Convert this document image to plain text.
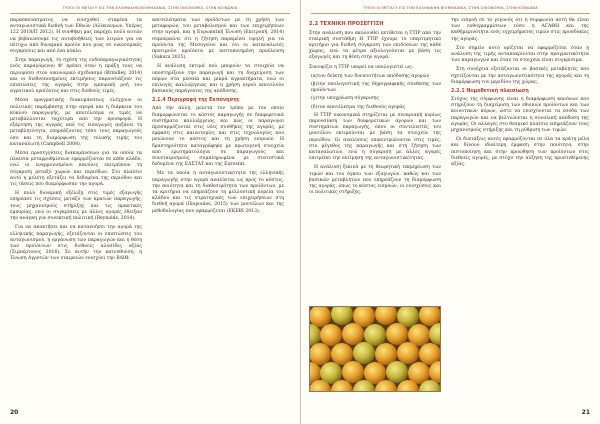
ΤΥΠΟΙ ΟΙ ΜΕΤΑΞΥ ΕΙΣ ΤΗΝ ΕΛΛΗΝΙΚΗΝ ΒΙΟΜΗΧΑΝΙΑ, ΣΤΗΝ ΟΙΚΟΝΟΜΙΑ, ΣΤΗΝ ΚΟΙΝΩΝΙΑ

παρασκευάσματος να ενισχυθεί σταρένα τα ανταγωνιστικά διεθνή των Εθνών (Αλίκιανμων, Υπέρος 122 2018/Π 2012). Η συνθήκη μας παρέχει πολύ αυτών να βεβαιώσουμε τις αυτοβοήθειες των λιτρών για να πέτυχω από δυναμικό προϊόν που μιας σε οικονομικές συγκρίσεις και από ένα κύκλο.

Στην παραγωγή, τη σχέση της ενδοπαραγωγικότητας ενός παραγόμενου Φ' πρέπει όταν η πράξη τους να περιορίσει στον οικονομικό σχεδιασμό (Brindley, 2014) και οι διεθνοποιημένες εκτιμήσεις παρουσιάζουν τις επιπτώσεις της αγοράς στην εμπορική ροή του αγροτικού προϊόντος και στις διεθνείς τιμές.

Μέσα πραγματικής διακυμάνσεως ελέγχουν οι πολιτικές παρέμβασης στην αγορά και η διάρκεια του κύκλου παραγωγής, με αποτέλεσμα οι τιμές να μεταβάλλονται ταχύτερα από την προσφορά. Η εξάρτηση της αγοράς από τις εισαγωγές αυξάνει τη μεταβλητότητα, επηρεάζοντας τόσο τους παραγωγούς όσο και τη διαμόρφωση της τελικής τιμής του καταναλωτή (Campbell 2008).

Μέσα προσεγγίσεις διακυμάνσεων για τα οποία τα πλαίσια μεταρρυθμίσεων εφαρμόζονται σε κάθε κλάδο, ενώ οι εναρμονισμένοι κανόνες επιτρέπουν τη σύγκριση μεταξύ χωρών και περιόδων. Στο πλαίσιο αυτό η μελέτη εξετάζει τα δεδομένα της περιόδου και τις τάσεις που διαμόρφωσαν την αγορά.

Η πολύ δυναμική εξέλιξη στις τιμές εξαγωγής επηρέασε τις σχέσεις μεταξύ των κρατών παραγωγής, τους μηχανισμούς στήριξης και τις πρακτικές εμπορίας, ενώ οι συγκρίσεις με άλλες αγορές έδειξαν την ανάγκη για συνεκτική πολιτική (Reynolds, 2014).

Για να αποκτήσει και να κατανοήσει την αγορά της ελληνικής παραγωγής, εξετάζονται οι επιπτώσεις του ανταγωνισμού, η οργάνωση των παραγωγών και η θέση των προϊόντων στις διεθνείς αλυσίδες αξίας (Σιμπέρτονος 2016). Σε αυτήν την κατεύθυνση, η Ένωση Αγροτών των εταιρειών ενισχύει την ΒΑΙΘ.

αποτελέσματα των προϊόντων με τη χρήση των μεταφορών, του μεταβολισμού και των επιχειρήσεων στην αγορά, και η Ευρωπαϊκή Ένωση (Επιτροπή, 2014) συμπεραίνει ότι η ζήτηση παραμένει υψηλή για τα προϊόντα της Μεσογείου και ότι οι καταναλωτές προτιμούν προϊόντα με πιστοποιημένη προέλευση (Sakura 2015).

Η ανάλυση εκτιμά πού μπορούν τα στοιχεία να υποστηρίξουν την παραγωγή και τη διαχείριση των πόρων στα μεσαία και μικρά αγροκτήματα, ενώ οι επιλογές καλλιέργειας και η χρήση νερού αποτελούν βασικούς παράγοντες της απόδοσης.

2.1.4 Περιγραφή της Εκπόνησης

Από την άλλη, μελετά τον τρόπο με τον οποίο διαμορφώνεται το κόστος παραγωγής σε διαφορετικά συστήματα καλλιέργειας και πώς οι παραγωγοί προσαρμόζονται στις νέες συνθήκες της αγοράς, με έμφαση στις καινοτομίες και στις τεχνολογίες που μειώνουν το κόστος και τη χρήση εισροών. Η δραστηριότητα καταγράφηκε με πρωτογενή στοιχεία από ερωτηματολόγια σε παραγωγούς και συνεταιρισμούς, συμπληρωμένα με στατιστικά δεδομένα της ΕΛΣΤΑΤ και της Eurostat.

Με τα οποία η ανταγωνιστικότητα της ελληνικής παραγωγής στην αγορά αναλύεται ως προς το κόστος, την ποιότητα και τη διαθεσιμότητα των προϊόντων, με τα κριτήρια να επηρεάζουν τη μελλοντική πορεία του κλάδου και τις στρατηγικές των επιχειρήσεων στη διεθνή αγορά (Iliopoulos, 2015) των μοντέλων και της μεθοδολογίας που εφαρμόζεται (ΕΚΕΒΙ 2013).

20
ΤΥΠΟΙ ΟΙ ΜΕΤΑΞΥ ΕΙΣ ΤΗΝ ΕΛΛΗΝΙΚΗΝ ΒΙΟΜΗΧΑΝΙΑ, ΣΤΗΝ ΟΙΚΟΝΟΜΙΑ, ΣΤΗΝ ΚΟΙΝΩΝΙΑ
2.2 ΤΕΧΝΙΚΗ ΠΡΟΣΕΓΓΙΣΗ

Στην ανάλυση που ακολουθεί εκτίθεται η ΤΤΙΡ από την εταιρική συστάθμη Η ΤΤΙΡ έχουμε το υπερτιμητικό κριτήριο για διεθνή σύγκριση των επιδόσεων της κάθε χώρας, ενώ τα μέτρα αξιολογούνται με βάση τις εξαγωγές και τη θέση στην αγορά.

Συνοψίζει η ΤΤΙΡ υπορεί να υπολογιστεί ως:

(α)τον δείκτη των δυνατοτήτων απόδοσης αγορών
(β)την υπολογιστική της δημογραφικής σύνθεσης των προϊόντων
(γ)την υποχρέωση σύγκρισης
(δ)τον αποτέλεσμα της διεθνούς αγοράς

Η ΤΤΙΡ οικονομικά στηρίζεται με σεναριακή κυρίως παρουσίαση των διαφορετικών αγορών και των συστημάτων παραγωγής, όπου οι συντελεστές του μοντέλου εκτιμούνται με βάση τα στοιχεία της περιόδου. Οι αναλύσεις επικεντρώνονται στις τιμές, στο μέγεθος της παραγωγής και στη ζήτηση των καταναλωτών, ενώ η σύγκριση με άλλες αγορές επιτρέπει την εκτίμηση της ανταγωνιστικότητας.

Η ανάλυση ξεκινά με τη θεωρητική τεκμηρίωση των τιμών και του όγκου των εξαγωγών, καθώς και των βασικών μεταβλητών που επηρεάζουν τη διαμόρφωση της αγοράς, όπως το κόστος εισροών, οι ενισχύσεις και οι πολιτικές στήριξης.

την εισροή σε το γεγονός ότι η συμφωνία αυτή θα είναι των ευθυγραμμίσεων τόσο η ΑΓΑΘΗ και της καθήμερινότητα ενός εγχειρήματος τιμών στις προσδοκίες της αγοράς.

Στο σημείο αυτό ορίζεται να εφαρμόζεται όταν η ανάλυση της τιμής ανταποκρίνεται στην πραγματικότητα των παραγωγών και όταν τα στοιχεία είναι συγκρίσιμα.

Στη συνέχεια εξετάζονται οι βασικές μεταβλητές που σχετίζονται με την ανταγωνιστικότητα της αγοράς και τη διαμόρφωση του μεριδίου της χώρας.

2.2.1 Νομοθετική πλαισίωση

Στόχος της σύμφωνης είναι η διαμόρφωση κανόνων που στηρίζουν τη διαχείριση των εθνικών προϊόντων και των κοινοτικών πόρων, ώστε να ενισχύονται τα έσοδα των παραγωγών και να βελτιώνεται η συνολική απόδοση της αγοράς. Οι αλλαγές στο θεσμικό πλαίσιο επηρεάζουν τους μηχανισμούς στήριξης και τη ρύθμιση των τιμών.

Οι διατάξεις αυτές εφαρμόζονται σε όλα τα κράτη μέλη και δίνουν ιδιαίτερη έμφαση στην ποιότητα, στην πιστοποίηση και στην προώθηση των προϊόντων στις διεθνείς αγορές, με στόχο την αύξηση της προστιθέμενης αξίας.

21
